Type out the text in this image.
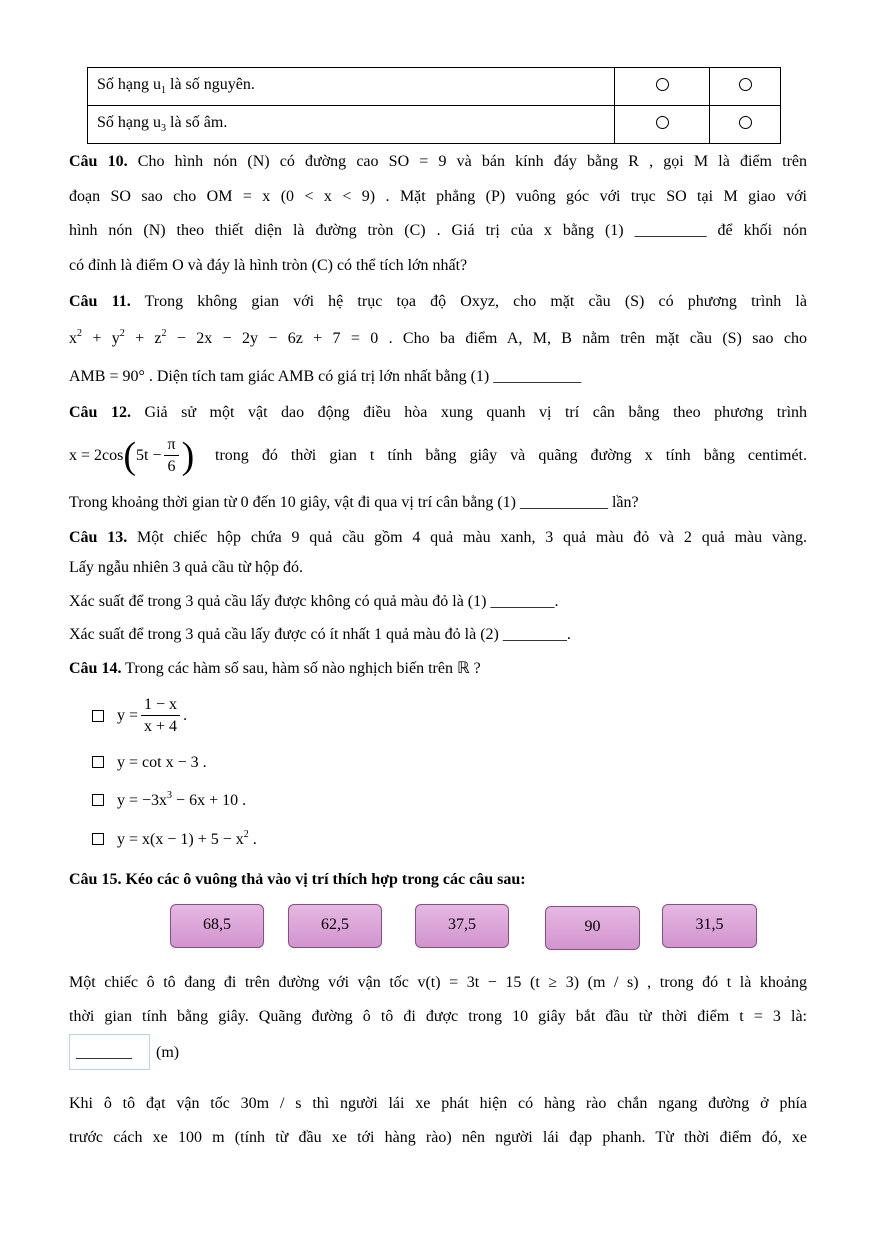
Số hạng $u_1$ là số nguyên.		
Số hạng $u_3$ là số âm.		
Câu 10. Cho hình nón (N) có đường cao SO = 9 và bán kính đáy bằng R , gọi M là điểm trên
đoạn SO sao cho OM = x (0 < x < 9) . Mặt phẳng (P) vuông góc với trục SO tại M giao với
hình nón (N) theo thiết diện là đường tròn (C) . Giá trị của x bằng (1) _________ để khối nón
có đỉnh là điểm O và đáy là hình tròn (C) có thể tích lớn nhất?
Câu 11. Trong không gian với hệ trục tọa độ Oxyz, cho mặt cầu (S) có phương trình là
$x^2 + y^2 + z^2 - 2x - 2y - 6z + 7 = 0$ . Cho ba điểm A, M, B nằm trên mặt cầu (S) sao cho
AMB = 90° . Diện tích tam giác AMB có giá trị lớn nhất bằng (1) ___________
Câu 12. Giả sử một vật dao động điều hòa xung quanh vị trí cân bằng theo phương trình
x = 2cos ( $5t - \frac{\pi}{6}$ ) trong đó thời gian t tính bằng giây và quãng đường x tính bằng centimét.
Trong khoảng thời gian từ 0 đến 10 giây, vật đi qua vị trí cân bằng (1) ___________ lần?
Câu 13. Một chiếc hộp chứa 9 quả cầu gồm 4 quả màu xanh, 3 quả màu đỏ và 2 quả màu vàng.
Lấy ngẫu nhiên 3 quả cầu từ hộp đó.
Xác suất để trong 3 quả cầu lấy được không có quả màu đỏ là (1) ________.
Xác suất để trong 3 quả cầu lấy được có ít nhất 1 quả màu đỏ là (2) ________.
Câu 14. Trong các hàm số sau, hàm số nào nghịch biến trên ℝ ?
$y = \frac{1 - x}{x + 4}$ .
y = cot x − 3 .
$y = -3x^3 - 6x + 10$ .
$y = x(x - 1) + 5 - x^2$ .
Câu 15. Kéo các ô vuông thả vào vị trí thích hợp trong các câu sau:
68,5	62,5	37,5	90	31,5
Một chiếc ô tô đang đi trên đường với vận tốc v(t) = 3t − 15 (t ≥ 3) (m / s) , trong đó t là khoảng
thời gian tính bằng giây. Quãng đường ô tô đi được trong 10 giây bắt đầu từ thời điểm t = 3 là:
_______ (m)
Khi ô tô đạt vận tốc 30m / s thì người lái xe phát hiện có hàng rào chắn ngang đường ở phía
trước cách xe 100 m (tính từ đầu xe tới hàng rào) nên người lái đạp phanh. Từ thời điểm đó, xe
